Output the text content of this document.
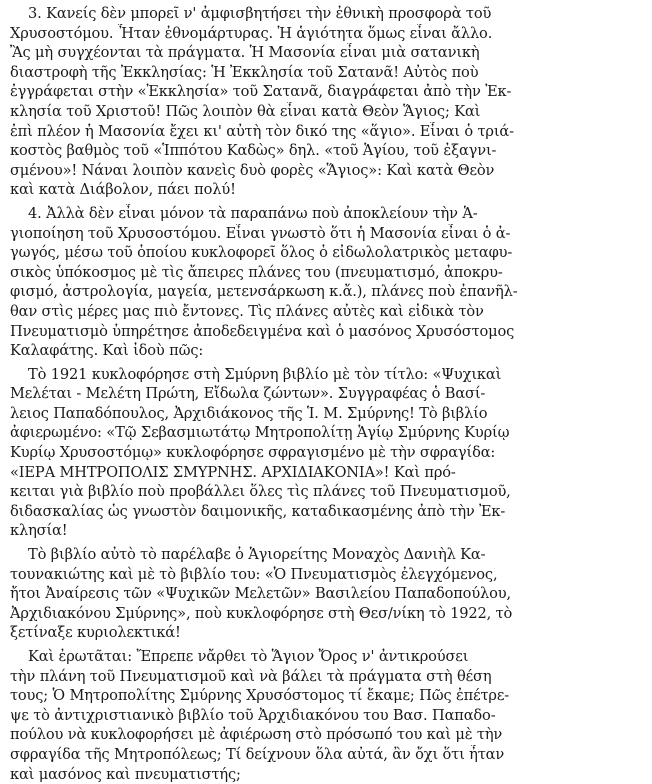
3. Κανείς δὲν μπορεῖ ν' ἀμφισβητήσει τὴν ἐθνικὴ προσφορὰ τοῦ
Χρυσοστόμου. Ἦταν ἐθνομάρτυρας. Ἡ ἁγιότητα ὅμως εἶναι ἄλλο.
Ἂς μὴ συγχέονται τὰ πράγματα. Ἡ Μασονία εἶναι μιὰ σατανικὴ
διαστροφὴ τῆς Ἐκκλησίας: Ἡ Ἐκκλησία τοῦ Σατανᾶ! Αὐτὸς ποὺ
ἐγγράφεται στὴν «Ἐκκλησία» τοῦ Σατανᾶ, διαγράφεται ἀπὸ τὴν Ἐκ-
κλησία τοῦ Χριστοῦ! Πῶς λοιπὸν θὰ εἶναι κατὰ Θεὸν Ἅγιος; Καὶ
ἐπὶ πλέον ἡ Μασονία ἔχει κι' αὐτὴ τὸν δικό της «ἅγιο». Εἶναι ὁ τριά-
κοστὸς βαθμὸς τοῦ «Ἱππότου Καδὼς» δηλ. «τοῦ Ἁγίου, τοῦ ἐξαγνι-
σμένου»! Νάναι λοιπὸν κανεὶς δυὸ φορὲς «Ἅγιος»: Καὶ κατὰ Θεὸν
καὶ κατὰ Διάβολον, πάει πολύ!
4. Ἀλλὰ δὲν εἶναι μόνον τὰ παραπάνω ποὺ ἀποκλείουν τὴν Ἁ-
γιοποίηση τοῦ Χρυσοστόμου. Εἶναι γνωστὸ ὅτι ἡ Μασονία εἶναι ὁ ἀ-
γωγός, μέσω τοῦ ὁποίου κυκλοφορεῖ ὅλος ὁ εἰδωλολατρικὸς μεταφυ-
σικὸς ὑπόκοσμος μὲ τὶς ἄπειρες πλάνες του (πνευματισμό, ἀποκρυ-
φισμό, ἀστρολογία, μαγεία, μετενσάρκωση κ.ἄ.), πλάνες ποὺ ἐπανῆλ-
θαν στὶς μέρες μας πιὸ ἔντονες. Τὶς πλάνες αὐτὲς καὶ εἰδικὰ τὸν
Πνευματισμὸ ὑπηρέτησε ἀποδεδειγμένα καὶ ὁ μασόνος Χρυσόστομος
Καλαφάτης. Καὶ ἰδοὺ πῶς:
Τὸ 1921 κυκλοφόρησε στὴ Σμύρνη βιβλίο μὲ τὸν τίτλο: «Ψυχικαὶ
Μελέται - Μελέτη Πρώτη, Εἴδωλα ζώντων». Συγγραφέας ὁ Βασί-
λειος Παπαδόπουλος, Ἀρχιδιάκονος τῆς Ἱ. Μ. Σμύρνης! Τὸ βιβλίο
ἀφιερωμένο: «Τῷ Σεβασμιωτάτῳ Μητροπολίτῃ Ἁγίῳ Σμύρνης Κυρίῳ
Κυρίῳ Χρυσοστόμῳ» κυκλοφόρησε σφραγισμένο μὲ τὴν σφραγίδα:
«ΙΕΡΑ ΜΗΤΡΟΠΟΛΙΣ ΣΜΥΡΝΗΣ. ΑΡΧΙΔΙΑΚΟΝΙΑ»! Καὶ πρό-
κειται γιὰ βιβλίο ποὺ προβάλλει ὅλες τὶς πλάνες τοῦ Πνευματισμοῦ,
διδασκαλίας ὡς γνωστὸν δαιμονικῆς, καταδικασμένης ἀπὸ τὴν Ἐκ-
κλησία!
Τὸ βιβλίο αὐτὸ τὸ παρέλαβε ὁ Ἁγιορείτης Μοναχὸς Δανιὴλ Κα-
τουνακιώτης καὶ μὲ τὸ βιβλίο του: «Ὁ Πνευματισμὸς ἐλεγχόμενος,
ἤτοι Ἀναίρεσις τῶν «Ψυχικῶν Μελετῶν» Βασιλείου Παπαδοπούλου,
Ἀρχιδιακόνου Σμύρνης», ποὺ κυκλοφόρησε στὴ Θεσ/νίκη τὸ 1922, τὸ
ξετίναξε κυριολεκτικά!
Καὶ ἐρωτᾶται: Ἔπρεπε νἄρθει τὸ Ἅγιον Ὄρος ν' ἀντικρούσει
τὴν πλάνη τοῦ Πνευματισμοῦ καὶ νὰ βάλει τὰ πράγματα στὴ θέση
τους; Ὁ Μητροπολίτης Σμύρνης Χρυσόστομος τί ἔκαμε; Πῶς ἐπέτρε-
ψε τὸ ἀντιχριστιανικὸ βιβλίο τοῦ Ἀρχιδιακόνου του Βασ. Παπαδο-
πούλου νὰ κυκλοφορήσει μὲ ἀφιέρωση στὸ πρόσωπό του καὶ μὲ τὴν
σφραγίδα τῆς Μητροπόλεως; Τί δείχνουν ὅλα αὐτά, ἂν ὄχι ὅτι ἦταν
καὶ μασόνος καὶ πνευματιστής;
